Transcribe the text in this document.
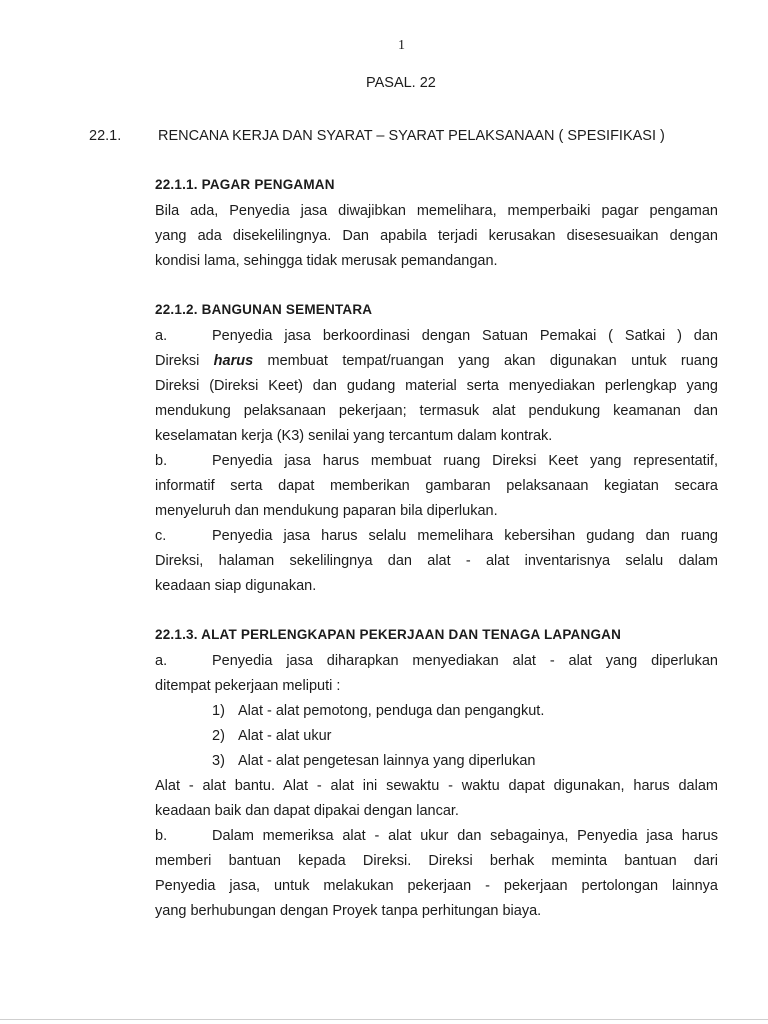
1
PASAL. 22
22.1.	RENCANA KERJA DAN SYARAT – SYARAT PELAKSANAAN ( SPESIFIKASI )
22.1.1. PAGAR PENGAMAN
Bila ada, Penyedia jasa diwajibkan memelihara, memperbaiki pagar pengaman
yang ada disekelilingnya. Dan apabila terjadi kerusakan disesesuaikan dengan
kondisi lama, sehingga tidak merusak pemandangan.
22.1.2. BANGUNAN SEMENTARA
a.	Penyedia jasa berkoordinasi dengan Satuan Pemakai ( Satkai ) dan
Direksi harus membuat tempat/ruangan yang akan digunakan untuk ruang
Direksi (Direksi Keet) dan gudang material serta menyediakan perlengkap yang
mendukung pelaksanaan pekerjaan; termasuk alat pendukung keamanan dan
keselamatan kerja (K3) senilai yang tercantum dalam kontrak.
b.	Penyedia jasa harus membuat ruang Direksi Keet yang representatif,
informatif serta dapat memberikan gambaran pelaksanaan kegiatan secara
menyeluruh dan mendukung paparan bila diperlukan.
c.	Penyedia jasa harus selalu memelihara kebersihan gudang dan ruang
Direksi, halaman sekelilingnya dan alat - alat inventarisnya selalu dalam
keadaan siap digunakan.
22.1.3. ALAT PERLENGKAPAN PEKERJAAN DAN TENAGA LAPANGAN
a.	Penyedia jasa diharapkan menyediakan alat - alat yang diperlukan
ditempat pekerjaan meliputi :
1) Alat - alat pemotong, penduga dan pengangkut.
2) Alat - alat ukur
3) Alat - alat pengetesan lainnya yang diperlukan
Alat - alat bantu. Alat - alat ini sewaktu - waktu dapat digunakan, harus dalam
keadaan baik dan dapat dipakai dengan lancar.
b.	Dalam memeriksa alat - alat ukur dan sebagainya, Penyedia jasa harus
memberi bantuan kepada Direksi. Direksi berhak meminta bantuan dari
Penyedia jasa, untuk melakukan pekerjaan - pekerjaan pertolongan lainnya
yang berhubungan dengan Proyek tanpa perhitungan biaya.
